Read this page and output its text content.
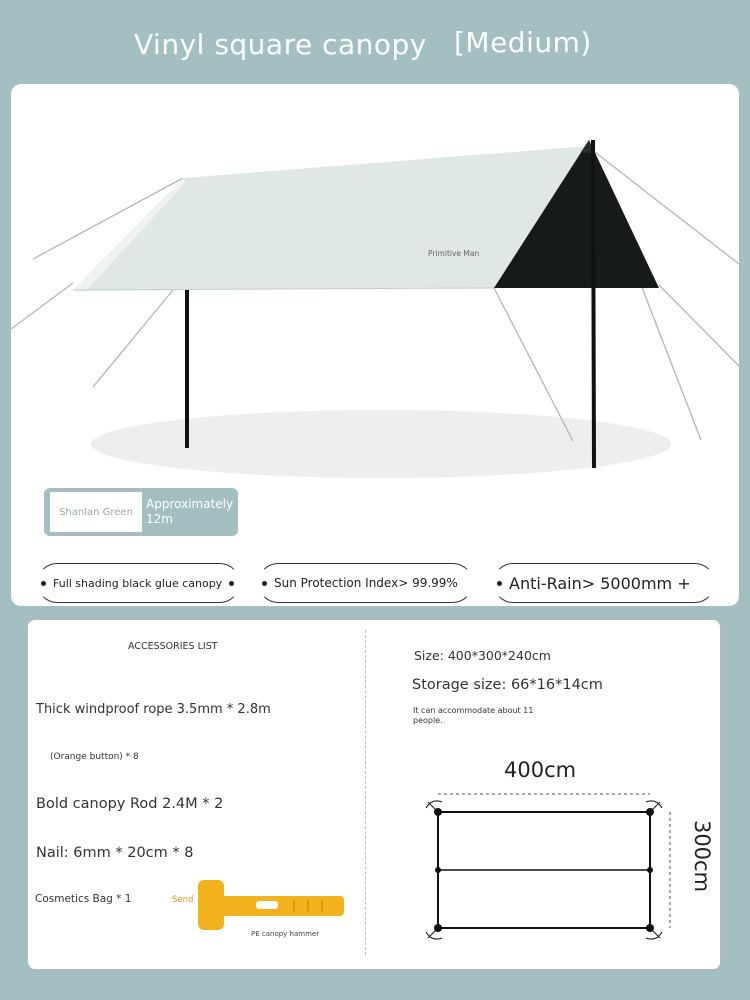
Vinyl square canopy [Medium)
Primitive Man
Shanlan Green
Approximately 12m
Full shading black glue canopy	Sun Protection Index> 99.99%	Anti-Rain> 5000mm +
ACCESSORIES LIST
Thick windproof rope 3.5mm * 2.8m
(Orange button) * 8
Bold canopy Rod 2.4M * 2
Nail: 6mm * 20cm * 8
Cosmetics Bag * 1	Send
PE canopy hammer
Size: 400*300*240cm
Storage size: 66*16*14cm
It can accommodate about 11 people.
400cm
300cm
